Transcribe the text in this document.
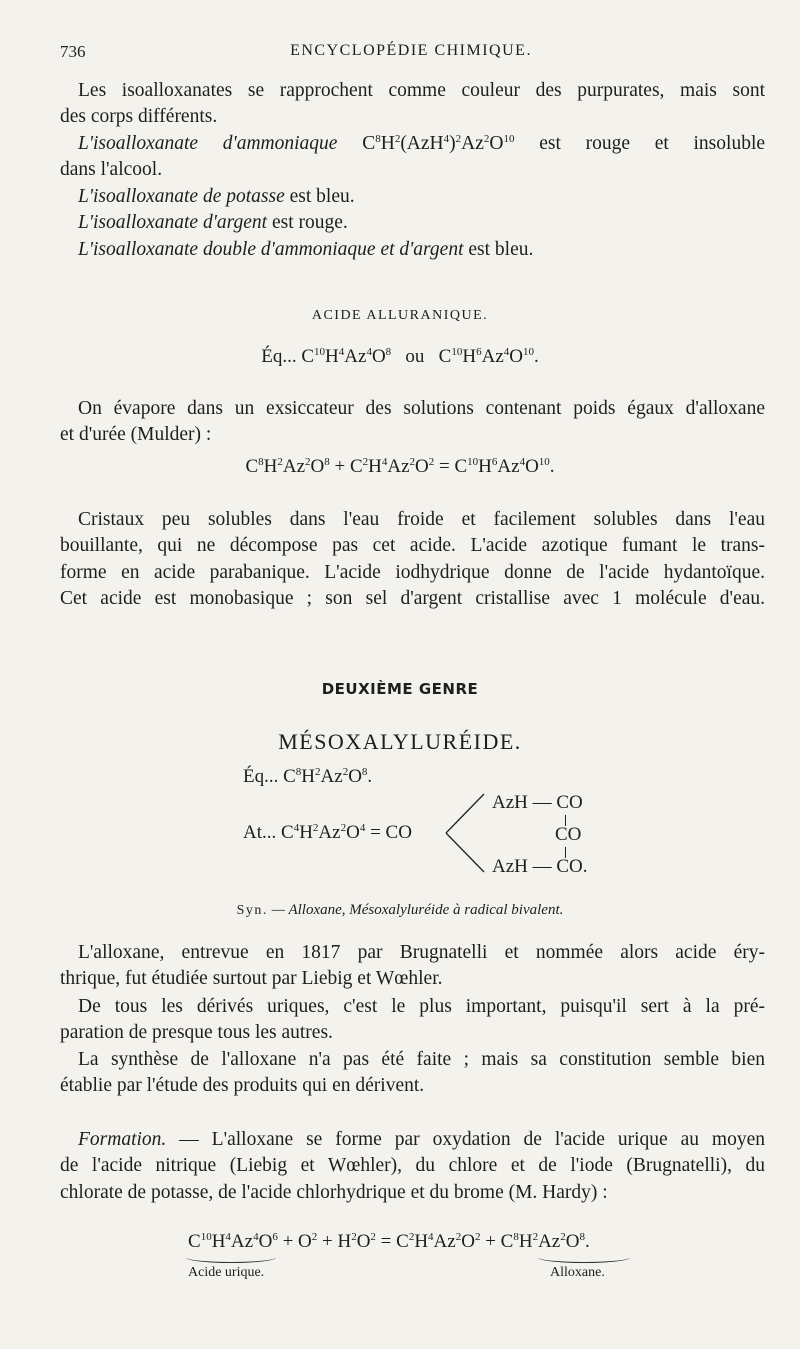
736	ENCYCLOPÉDIE CHIMIQUE.
Les isoalloxanates se rapprochent comme couleur des purpurates, mais sont
des corps différents.
L'isoalloxanate d'ammoniaque $C^8H^2(AzH^4)^2Az^2O^{10}$ est rouge et insoluble
dans l'alcool.
L'isoalloxanate de potasse est bleu.
L'isoalloxanate d'argent est rouge.
L'isoalloxanate double d'ammoniaque et d'argent est bleu.
ACIDE ALLURANIQUE.
Éq... $C^{10}H^4Az^4O^8$ ou   $C^{10}H^6Az^4O^{10}$.
On évapore dans un exsiccateur des solutions contenant poids égaux d'alloxane
et d'urée (Mulder) :
$C^8H^2Az^2O^8 + C^2H^4Az^2O^2 = C^{10}H^6Az^4O^{10}$.
Cristaux peu solubles dans l'eau froide et facilement solubles dans l'eau
bouillante, qui ne décompose pas cet acide. L'acide azotique fumant le trans-
forme en acide parabanique. L'acide iodhydrique donne de l'acide hydantoïque.
Cet acide est monobasique ; son sel d'argent cristallise avec 1 molécule d'eau.
DEUXIÈME GENRE
MÉSOXALYLURÉIDE.
Éq... $C^8H^2Az^2O^8$.
At... $C^4H^2Az^2O^4$ = CO
AzH — CO
CO
AzH — CO.
Syn. — Alloxane, Mésoxalyluréide à radical bivalent.
L'alloxane, entrevue en 1817 par Brugnatelli et nommée alors acide éry-
thrique, fut étudiée surtout par Liebig et Wœhler.
De tous les dérivés uriques, c'est le plus important, puisqu'il sert à la pré-
paration de presque tous les autres.
La synthèse de l'alloxane n'a pas été faite ; mais sa constitution semble bien
établie par l'étude des produits qui en dérivent.
Formation. — L'alloxane se forme par oxydation de l'acide urique au moyen
de l'acide nitrique (Liebig et Wœhler), du chlore et de l'iode (Brugnatelli), du
chlorate de potasse, de l'acide chlorhydrique et du brome (M. Hardy) :
$C^{10}H^4Az^4O^6 + O^2 + H^2O^2 = C^2H^4Az^2O^2 + C^8H^2Az^2O^8$.
Acide urique.	Alloxane.
